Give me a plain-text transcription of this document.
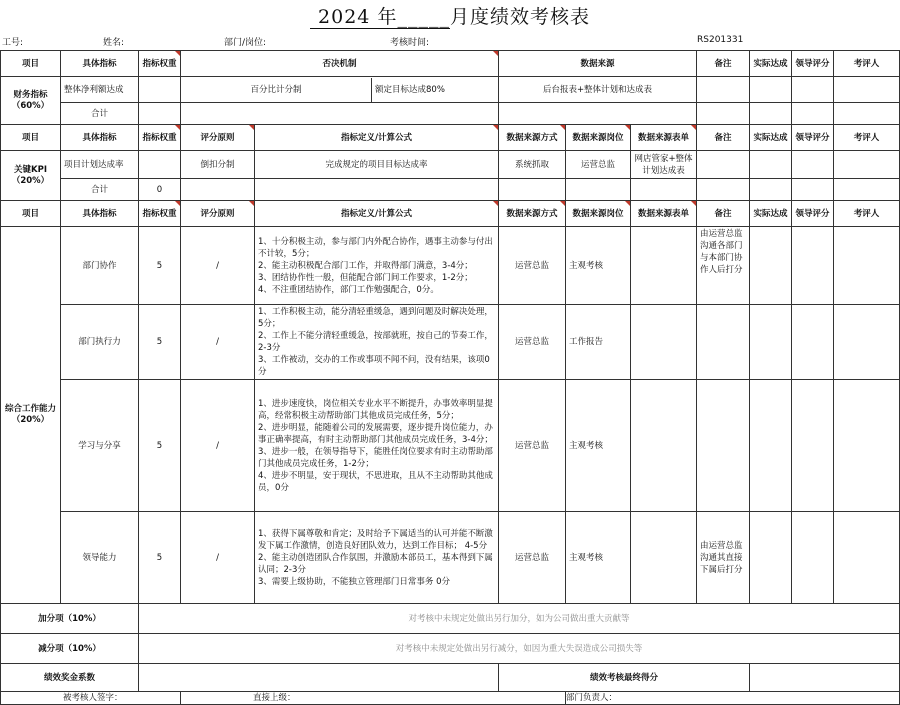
2024 年_____月度绩效考核表
工号:	姓名:	部门/岗位:	考核时间:	RS201331
项目	具体指标	指标权重	否决机制		数据来源			备注	实际达成	领导评分	考评人
财务指标（60%）	整体净利额达成		百分比计分制 额定目标达成80%		后台报表+整体计划和达成表						
	合计										
项目	具体指标	指标权重	评分原则	指标定义/计算公式	数据来源方式	数据来源岗位	数据来源表单	备注	实际达成	领导评分	考评人
关键KPI（20%）	项目计划达成率		倒扣分制	完成规定的项目目标达成率	系统抓取	运营总监	网店管家+整体计划达成表				
	合计	0									
项目	具体指标	指标权重	评分原则	指标定义/计算公式	数据来源方式	数据来源岗位	数据来源表单	备注	实际达成	领导评分	考评人
综合工作能力（20%）	部门协作	5	/	1、十分积极主动，参与部门内外配合协作，遇事主动参与付出不计较，5分；
2、能主动积极配合部门工作，并取得部门满意，3-4分；
3、团结协作性一般，但能配合部门间工作要求，1-2分；
4、不注重团结协作，部门工作勉强配合，0分。	运营总监	主观考核		由运营总监沟通各部门与本部门协作人后打分			
	部门执行力	5	/	1、工作积极主动，能分清轻重缓急，遇到问题及时解决处理，5分；
2、工作上不能分清轻重缓急，按部就班，按自己的节奏工作，2-3分
3、工作被动，交办的工作或事项不闻不问，没有结果，该项0分	运营总监	工作报告					
	学习与分享	5	/	1、进步速度快，岗位相关专业水平不断提升，办事效率明显提高，经常积极主动帮助部门其他成员完成任务，5分；
2、进步明显，能随着公司的发展需要，逐步提升岗位能力，办事正确率提高，有时主动帮助部门其他成员完成任务，3-4分；
3、进步一般，在领导指导下，能胜任岗位要求有时主动帮助部门其他成员完成任务，1-2分；
4、进步不明显，安于现状，不思进取，且从不主动帮助其他成员，0分	运营总监	主观考核					
	领导能力	5	/	1、获得下属尊敬和肯定；及时给予下属适当的认可并能不断激发下属工作激情，创造良好团队效力，达到工作目标； 4-5分
2、能主动创造团队合作氛围，并激励本部员工，基本得到下属认同；2-3分
3、需要上级协助，不能独立管理部门日常事务 0分	运营总监	主观考核		由运营总监沟通其直接下属后打分			
加分项（10%）		对考核中未规定处做出另行加分，如为公司做出重大贡献等									
减分项（10%）		对考核中未规定处做出另行减分，如因为重大失误造成公司损失等									
绩效奖金系数					绩效考核最终得分						
被考核人签字：			直接上级：			部门负责人：					
